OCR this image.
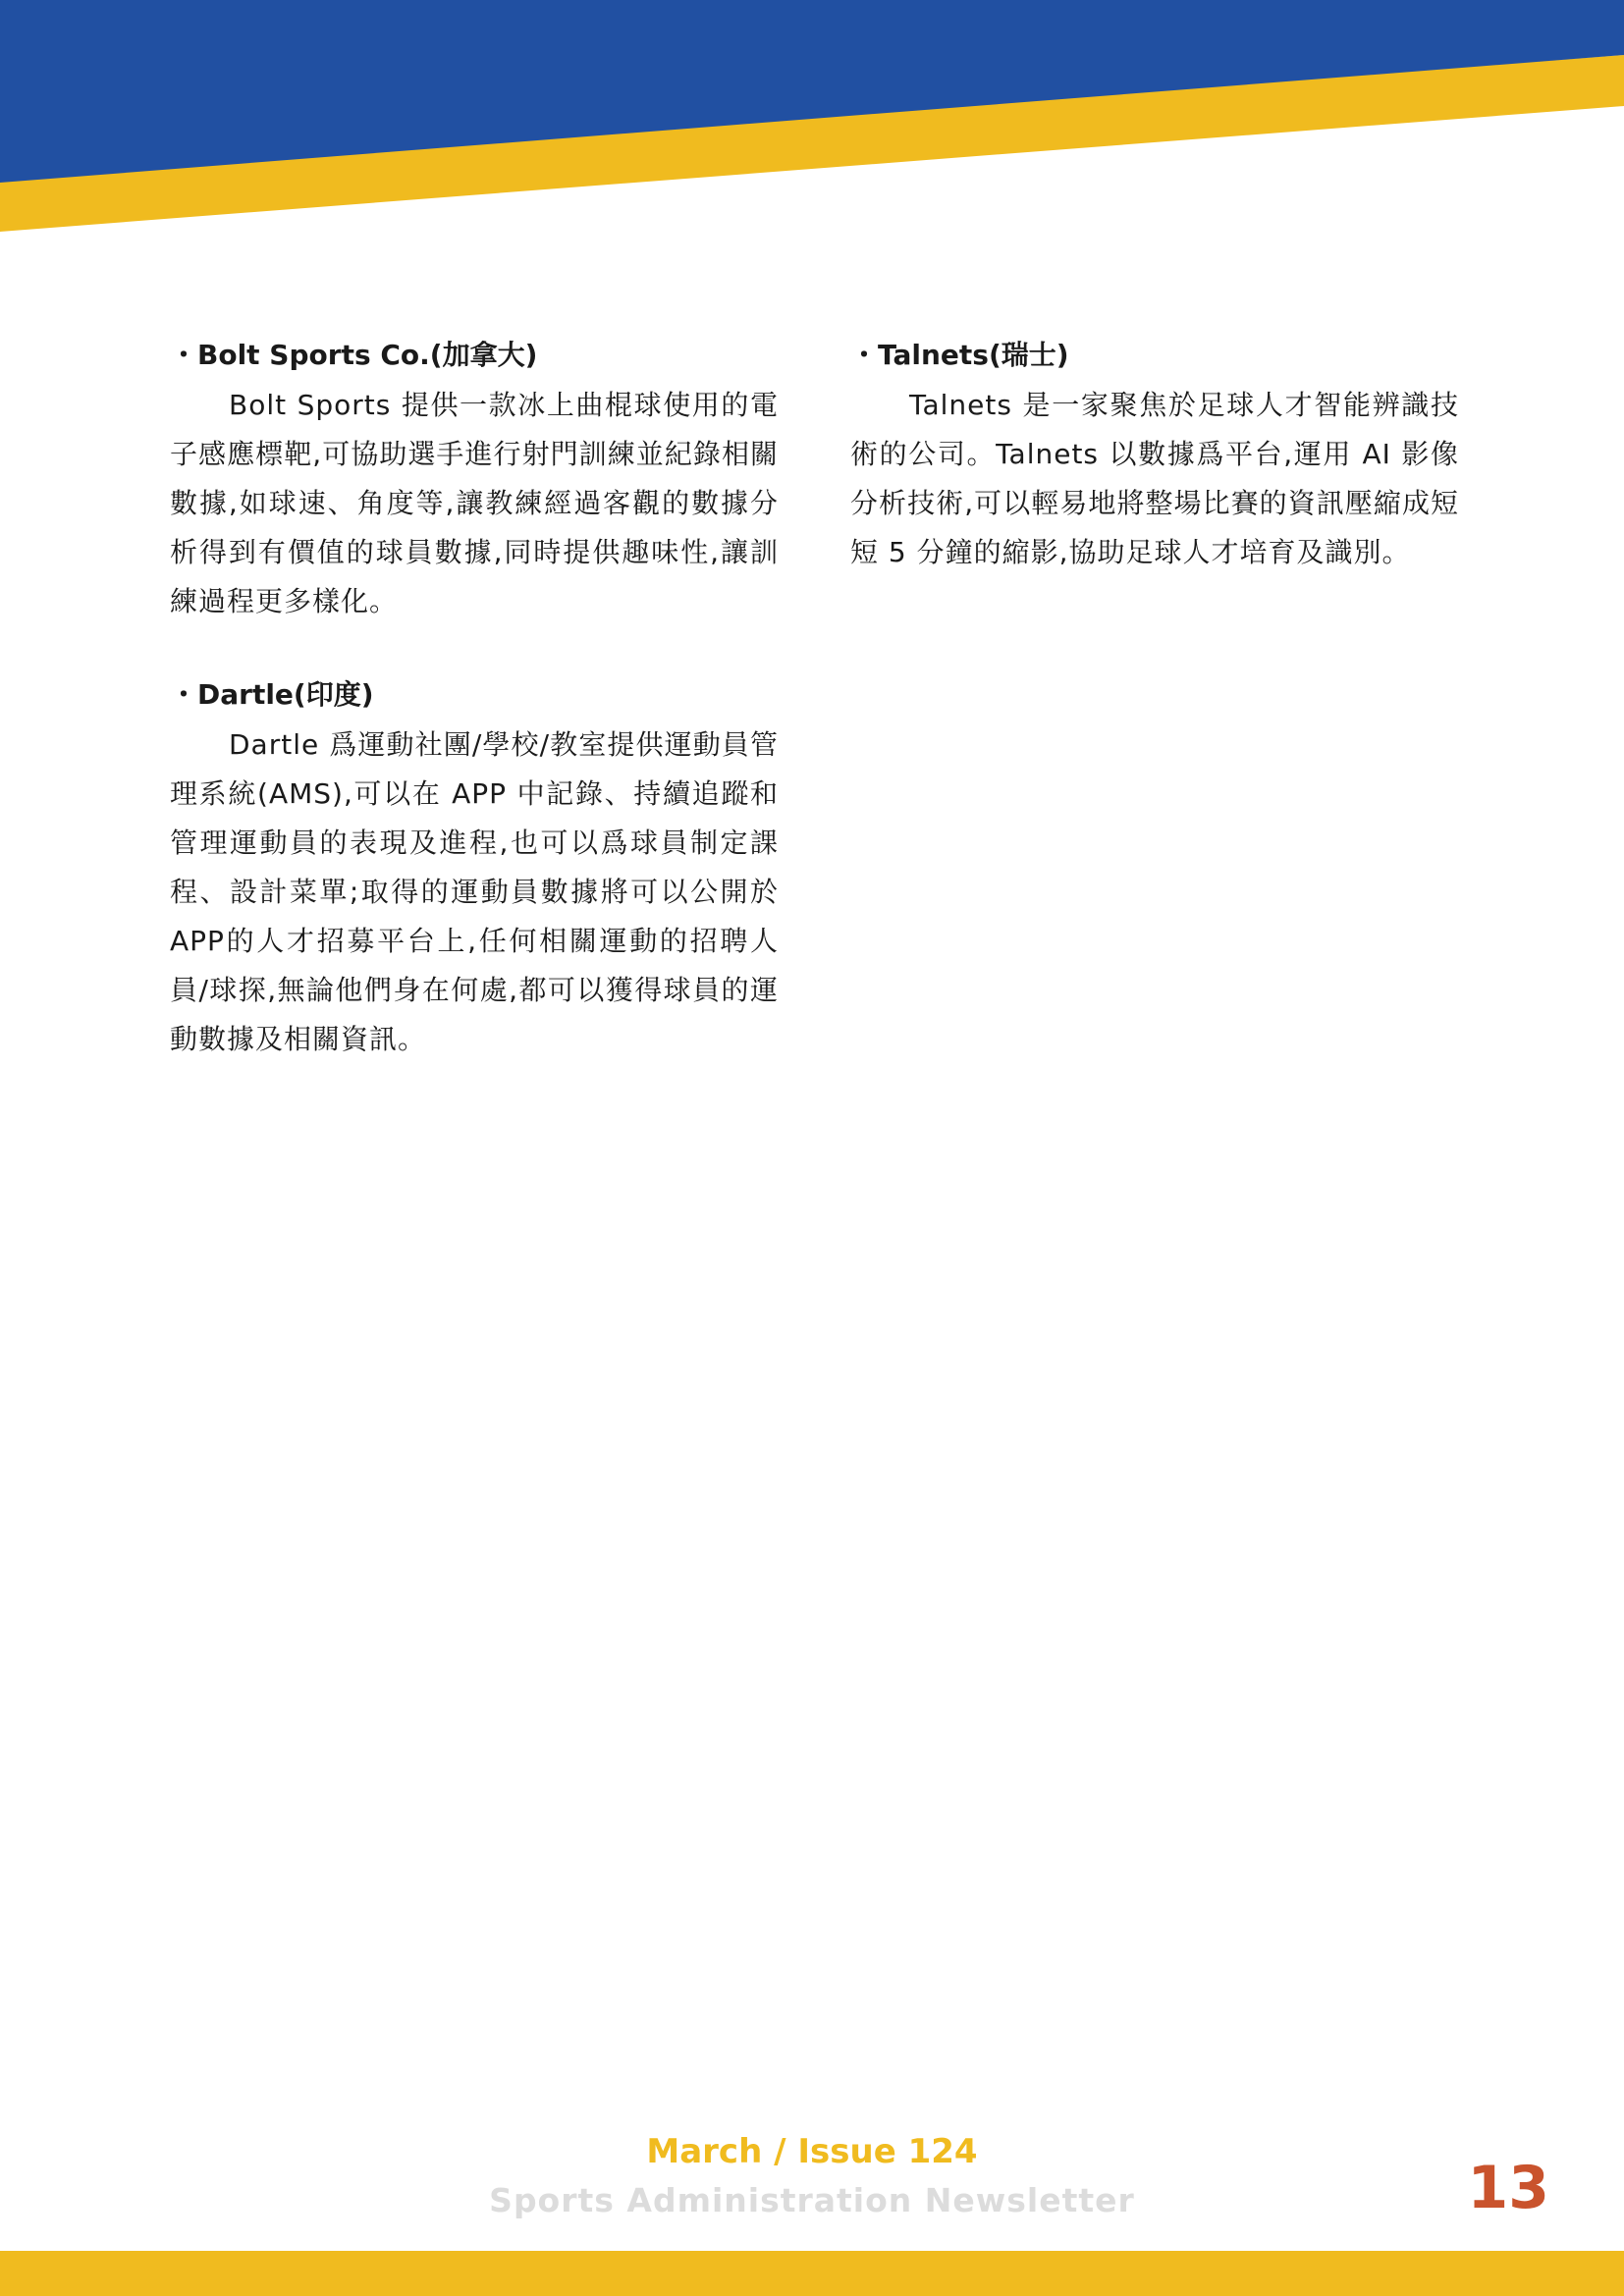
・Bolt Sports Co.(加拿大)

Bolt Sports 提供一款冰上曲棍球使用的電子感應標靶,可協助選手進行射門訓練並紀錄相關數據,如球速、角度等,讓教練經過客觀的數據分析得到有價值的球員數據,同時提供趣味性,讓訓練過程更多樣化。

・Dartle(印度)

Dartle 爲運動社團/學校/教室提供運動員管理系統(AMS),可以在 APP 中記錄、持續追蹤和管理運動員的表現及進程,也可以爲球員制定課程、設計菜單;取得的運動員數據將可以公開於APP的人才招募平台上,任何相關運動的招聘人員/球探,無論他們身在何處,都可以獲得球員的運動數據及相關資訊。

・Talnets(瑞士)

Talnets 是一家聚焦於足球人才智能辨識技術的公司。Talnets 以數據爲平台,運用 AI 影像分析技術,可以輕易地將整場比賽的資訊壓縮成短短 5 分鐘的縮影,協助足球人才培育及識別。

March / Issue 124
Sports Administration Newsletter	13
